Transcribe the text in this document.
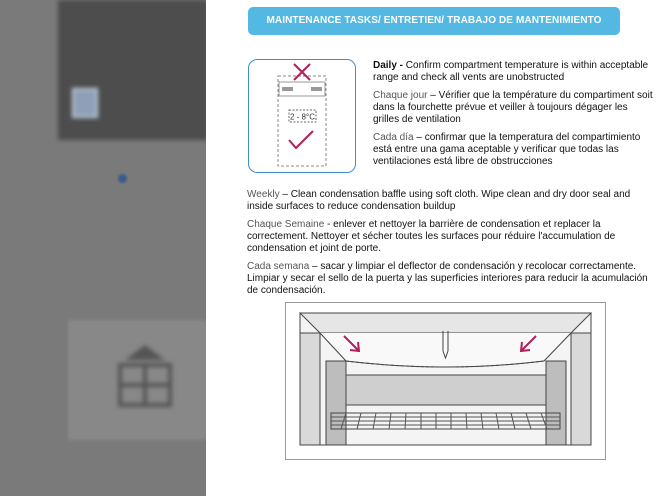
MAINTENANCE TASKS/ ENTRETIEN/ TRABAJO DE MANTENIMIENTO
2 - 8°C
Daily - Confirm compartment temperature is within acceptable range and check all vents are unobstructed
Chaque jour – Vérifier que la température du compartiment soit dans la fourchette prévue et veiller à toujours dégager les grilles de ventilation
Cada día – confirmar que la temperatura del compartimiento está entre una gama aceptable y verificar que todas las ventilaciones está libre de obstrucciones
Weekly – Clean condensation baffle using soft cloth. Wipe clean and dry door seal and inside surfaces to reduce condensation buildup
Chaque Semaine - enlever et nettoyer la barrière de condensation et replacer la correctement. Nettoyer et sécher toutes les surfaces pour réduire l'accumulation de condensation et joint de porte.
Cada semana – sacar y limpiar el deflector de condensación y recolocar correctamente. Limpiar y secar el sello de la puerta y las superficies interiores para reducir la acumulación de condensación.
